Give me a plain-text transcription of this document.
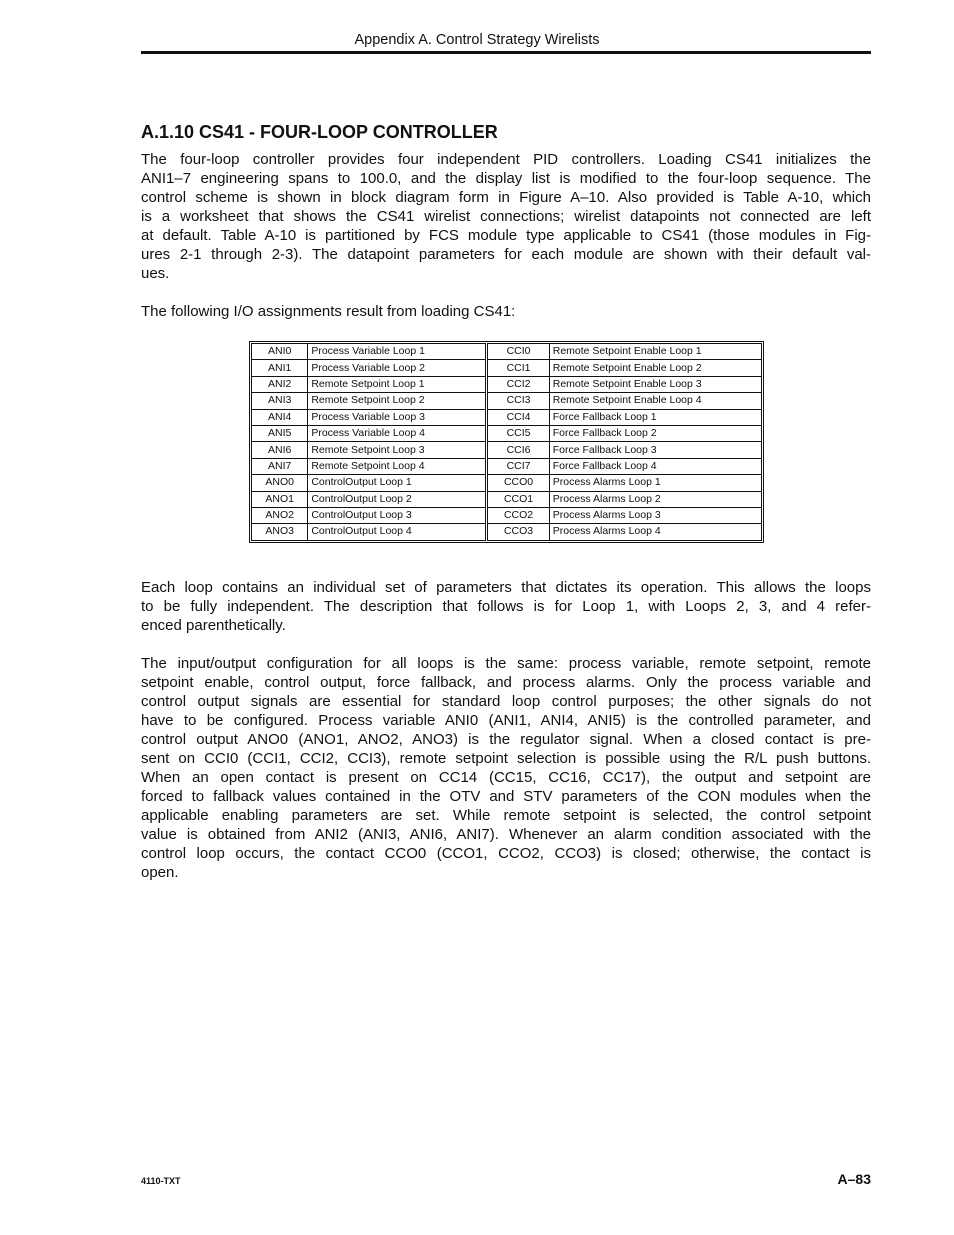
Appendix A. Control Strategy Wirelists
A.1.10 CS41 - FOUR-LOOP CONTROLLER
The four-loop controller provides four independent PID controllers. Loading CS41 initializes the
ANI1–7 engineering spans to 100.0, and the display list is modified to the four-loop sequence. The
control scheme is shown in block diagram form in Figure A–10. Also provided is Table A-10, which
is a worksheet that shows the CS41 wirelist connections; wirelist datapoints not connected are left
at default. Table A-10 is partitioned by FCS module type applicable to CS41 (those modules in Fig-
ures 2-1 through 2-3). The datapoint parameters for each module are shown with their default val-
ues.
The following I/O assignments result from loading CS41:
ANI0	Process Variable Loop 1	CCI0	Remote Setpoint Enable Loop 1
ANI1	Process Variable Loop 2	CCI1	Remote Setpoint Enable Loop 2
ANI2	Remote Setpoint Loop 1	CCI2	Remote Setpoint Enable Loop 3
ANI3	Remote Setpoint Loop 2	CCI3	Remote Setpoint Enable Loop 4
ANI4	Process Variable Loop 3	CCI4	Force Fallback Loop 1
ANI5	Process Variable Loop 4	CCI5	Force Fallback Loop 2
ANI6	Remote Setpoint Loop 3	CCI6	Force Fallback Loop 3
ANI7	Remote Setpoint Loop 4	CCI7	Force Fallback Loop 4
ANO0	ControlOutput Loop 1	CCO0	Process Alarms Loop 1
ANO1	ControlOutput Loop 2	CCO1	Process Alarms Loop 2
ANO2	ControlOutput Loop 3	CCO2	Process Alarms Loop 3
ANO3	ControlOutput Loop 4	CCO3	Process Alarms Loop 4
Each loop contains an individual set of parameters that dictates its operation. This allows the loops
to be fully independent. The description that follows is for Loop 1, with Loops 2, 3, and 4 refer-
enced parenthetically.
The input/output configuration for all loops is the same: process variable, remote setpoint, remote
setpoint enable, control output, force fallback, and process alarms. Only the process variable and
control output signals are essential for standard loop control purposes; the other signals do not
have to be configured. Process variable ANI0 (ANI1, ANI4, ANI5) is the controlled parameter, and
control output ANO0 (ANO1, ANO2, ANO3) is the regulator signal. When a closed contact is pre-
sent on CCI0 (CCI1, CCI2, CCI3), remote setpoint selection is possible using the R/L push buttons.
When an open contact is present on CC14 (CC15, CC16, CC17), the output and setpoint are
forced to fallback values contained in the OTV and STV parameters of the CON modules when the
applicable enabling parameters are set. While remote setpoint is selected, the control setpoint
value is obtained from ANI2 (ANI3, ANI6, ANI7). Whenever an alarm condition associated with the
control loop occurs, the contact CCO0 (CCO1, CCO2, CCO3) is closed; otherwise, the contact is
open.
4110-TXT	A–83
